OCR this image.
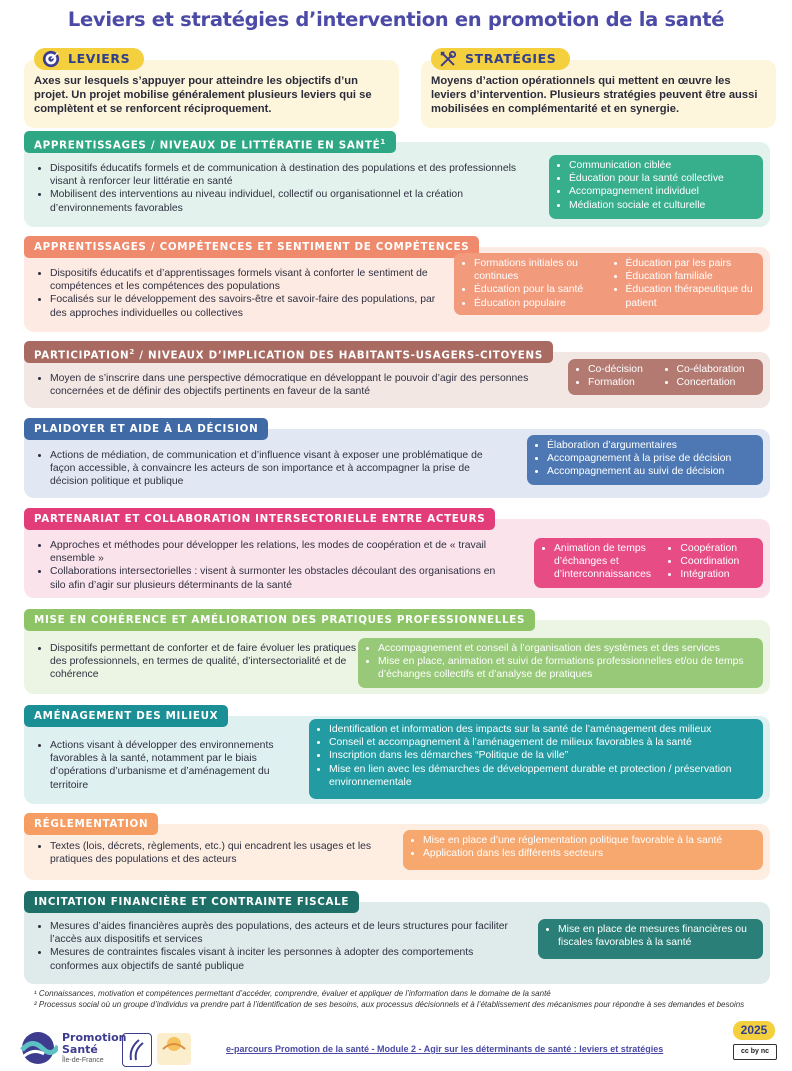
Leviers et stratégies d’intervention en promotion de la santé
LEVIERS
Axes sur lesquels s’appuyer pour atteindre les objectifs d’un projet. Un projet mobilise généralement plusieurs leviers qui se complètent et se renforcent réciproquement.
STRATÉGIES
Moyens d’action opérationnels qui mettent en œuvre les leviers d’intervention. Plusieurs stratégies peuvent être aussi mobilisées en complémentarité et en synergie.
APPRENTISSAGES / NIVEAUX DE LITTÉRATIE EN SANTÉ$^1$
• Dispositifs éducatifs formels et de communication à destination des populations et des professionnels visant à renforcer leur littératie en santé
• Mobilisent des interventions au niveau individuel, collectif ou organisationnel et la création d’environnements favorables
• Communication ciblée
• Éducation pour la santé collective
• Accompagnement individuel
• Médiation sociale et culturelle
APPRENTISSAGES / COMPÉTENCES ET SENTIMENT DE COMPÉTENCES
• Dispositifs éducatifs et d’apprentissages formels visant à conforter le sentiment de compétences et les compétences des populations
• Focalisés sur le développement des savoirs-être et savoir-faire des populations, par des approches individuelles ou collectives
• Formations initiales ou continues
• Éducation pour la santé
• Éducation populaire
• Éducation par les pairs
• Éducation familiale
• Éducation thérapeutique du patient
PARTICIPATION$^2$ / NIVEAUX D’IMPLICATION DES HABITANTS-USAGERS-CITOYENS
• Moyen de s’inscrire dans une perspective démocratique en développant le pouvoir d’agir des personnes concernées et de définir des objectifs pertinents en faveur de la santé
• Co-décision
• Formation
• Co-élaboration
• Concertation
PLAIDOYER ET AIDE À LA DÉCISION
• Actions de médiation, de communication et d’influence visant à exposer une problématique de façon accessible, à convaincre les acteurs de son importance et à accompagner la prise de décision politique et publique
• Élaboration d’argumentaires
• Accompagnement à la prise de décision
• Accompagnement au suivi de décision
PARTENARIAT ET COLLABORATION INTERSECTORIELLE ENTRE ACTEURS
• Approches et méthodes pour développer les relations, les modes de coopération et de « travail ensemble »
• Collaborations intersectorielles : visent à surmonter les obstacles découlant des organisations en silo afin d’agir sur plusieurs déterminants de la santé
• Animation de temps d’échanges et d’interconnaissances
• Coopération
• Coordination
• Intégration
MISE EN COHÉRENCE ET AMÉLIORATION DES PRATIQUES PROFESSIONNELLES
• Dispositifs permettant de conforter et de faire évoluer les pratiques des professionnels, en termes de qualité, d’intersectorialité et de cohérence
• Accompagnement et conseil à l’organisation des systèmes et des services
• Mise en place, animation et suivi de formations professionnelles et/ou de temps d’échanges collectifs et d’analyse de pratiques
AMÉNAGEMENT DES MILIEUX
• Actions visant à développer des environnements favorables à la santé, notamment par le biais d’opérations d’urbanisme et d’aménagement du territoire
• Identification et information des impacts sur la santé de l’aménagement des milieux
• Conseil et accompagnement à l’aménagement de milieux favorables à la santé
• Inscription dans les démarches “Politique de la ville”
• Mise en lien avec les démarches de développement durable et protection / préservation environnementale
RÉGLEMENTATION
• Textes (lois, décrets, règlements, etc.) qui encadrent les usages et les pratiques des populations et des acteurs
• Mise en place d’une réglementation politique favorable à la santé
• Application dans les différents secteurs
INCITATION FINANCIÈRE ET CONTRAINTE FISCALE
• Mesures d’aides financières auprès des populations, des acteurs et de leurs structures pour faciliter l’accès aux dispositifs et services
• Mesures de contraintes fiscales visant à inciter les personnes à adopter des comportements conformes aux objectifs de santé publique
• Mise en place de mesures financières ou fiscales favorables à la santé
¹ Connaissances, motivation et compétences permettant d’accéder, comprendre, évaluer et appliquer de l’information dans le domaine de la santé
² Processus social où un groupe d’individus va prendre part à l’identification de ses besoins, aux processus décisionnels et à l’établissement des mécanismes pour répondre à ses demandes et besoins
Promotion Santé
Île-de-France
e-parcours Promotion de la santé - Module 2 - Agir sur les déterminants de santé : leviers et stratégies
2025
cc by nc
